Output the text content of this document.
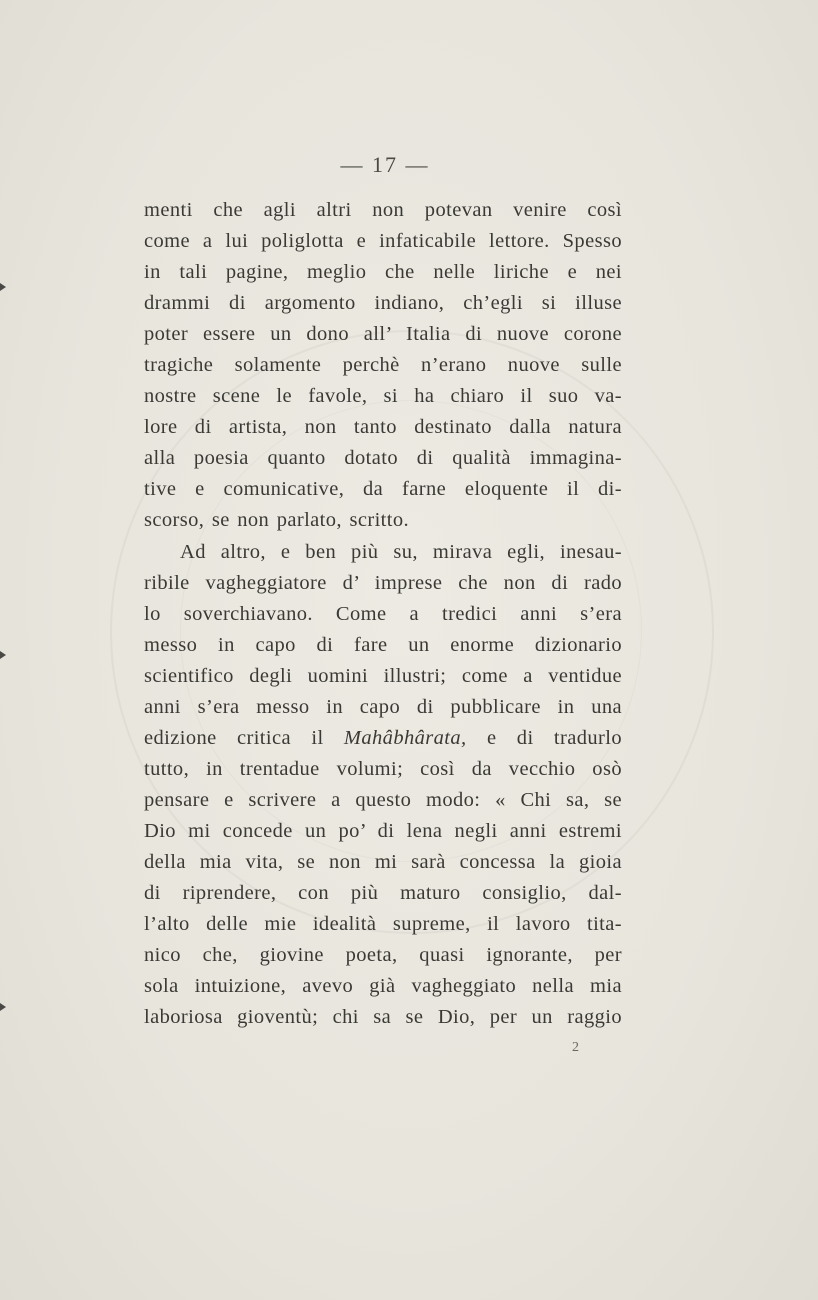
— 17 —
menti che agli altri non potevan venire così
come a lui poliglotta e infaticabile lettore. Spesso
in tali pagine, meglio che nelle liriche e nei
drammi di argomento indiano, ch’egli si illuse
poter essere un dono all’ Italia di nuove corone
tragiche solamente perchè n’erano nuove sulle
nostre scene le favole, si ha chiaro il suo va-
lore di artista, non tanto destinato dalla natura
alla poesia quanto dotato di qualità immagina-
tive e comunicative, da farne eloquente il di-
scorso, se non parlato, scritto.
Ad altro, e ben più su, mirava egli, inesau-
ribile vagheggiatore d’ imprese che non di rado
lo soverchiavano. Come a tredici anni s’era
messo in capo di fare un enorme dizionario
scientifico degli uomini illustri; come a ventidue
anni s’era messo in capo di pubblicare in una
edizione critica il Mahâbhârata, e di tradurlo
tutto, in trentadue volumi; così da vecchio osò
pensare e scrivere a questo modo: « Chi sa, se
Dio mi concede un po’ di lena negli anni estremi
della mia vita, se non mi sarà concessa la gioia
di riprendere, con più maturo consiglio, dal-
l’alto delle mie idealità supreme, il lavoro tita-
nico che, giovine poeta, quasi ignorante, per
sola intuizione, avevo già vagheggiato nella mia
laboriosa gioventù; chi sa se Dio, per un raggio
2
